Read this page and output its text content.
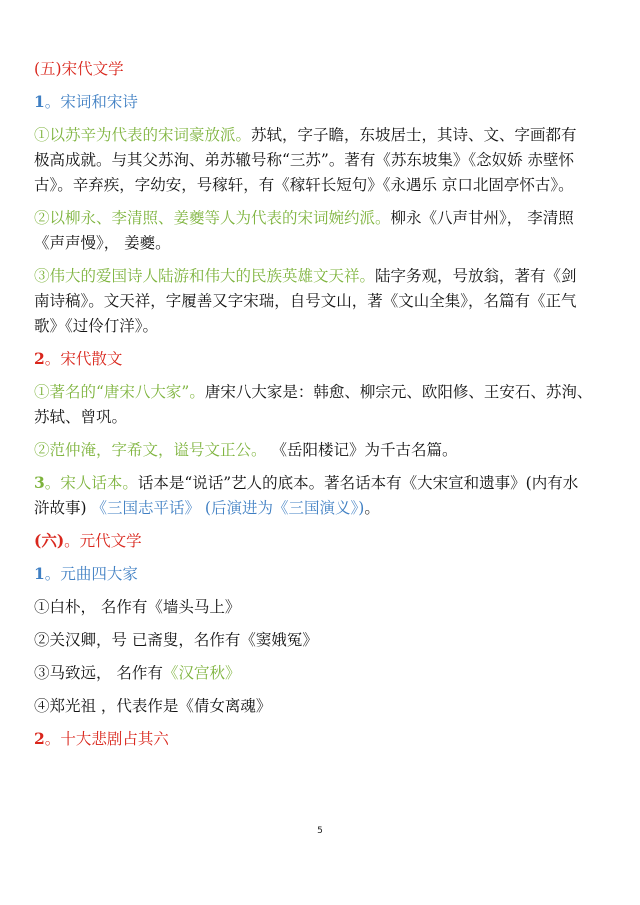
(五)宋代文学
1。宋词和宋诗
①以苏辛为代表的宋词豪放派。苏轼，字子瞻，东坡居士，其诗、文、字画都有
极高成就。与其父苏洵、弟苏辙号称“三苏”。著有《苏东坡集》《念奴娇 赤壁怀
古》。辛弃疾，字幼安，号稼轩，有《稼轩长短句》《永遇乐 京口北固亭怀古》。
②以柳永、李清照、姜夔等人为代表的宋词婉约派。柳永《八声甘州》， 李清照
《声声慢》， 姜夔。
③伟大的爱国诗人陆游和伟大的民族英雄文天祥。陆字务观，号放翁，著有《剑
南诗稿》。文天祥，字履善又字宋瑞，自号文山，著《文山全集》，名篇有《正气
歌》《过伶仃洋》。
2。宋代散文
①著名的“唐宋八大家”。唐宋八大家是：韩愈、柳宗元、欧阳修、王安石、苏洵、
苏轼、曾巩。
②范仲淹，字希文，谥号文正公。 《岳阳楼记》为千古名篇。
3。宋人话本。话本是“说话”艺人的底本。著名话本有《大宋宣和遗事》(内有水
浒故事) 《三国志平话》 (后演进为《三国演义》)。
(六)。元代文学
1。元曲四大家
①白朴， 名作有《墙头马上》
②关汉卿，号 已斋叟，名作有《窦娥冤》
③马致远， 名作有《汉宫秋》
④郑光祖 ，代表作是《倩女离魂》
2。十大悲剧占其六
5
